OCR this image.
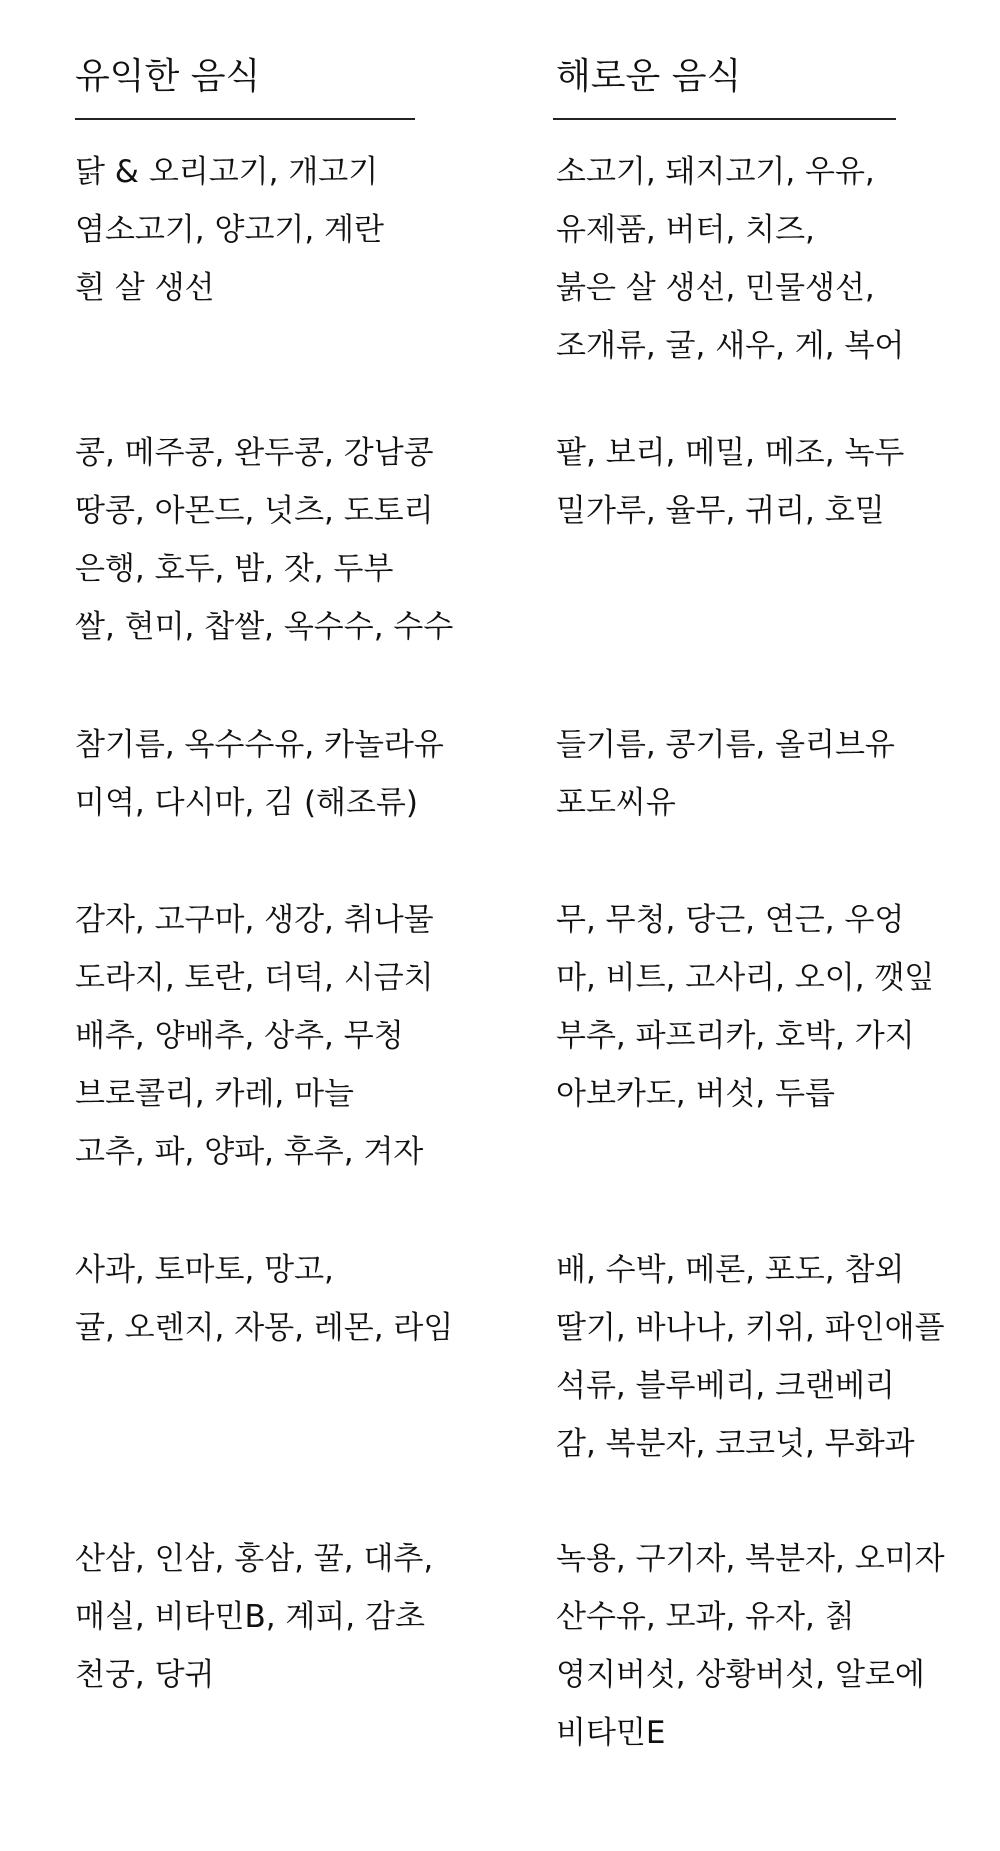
유익한 음식
닭 & 오리고기, 개고기
염소고기, 양고기, 계란
흰 살 생선
콩, 메주콩, 완두콩, 강남콩
땅콩, 아몬드, 넛츠, 도토리
은행, 호두, 밤, 잣, 두부
쌀, 현미, 찹쌀, 옥수수, 수수
참기름, 옥수수유, 카놀라유
미역, 다시마, 김 (해조류)
감자, 고구마, 생강, 취나물
도라지, 토란, 더덕, 시금치
배추, 양배추, 상추, 무청
브로콜리, 카레, 마늘
고추, 파, 양파, 후추, 겨자
사과, 토마토, 망고,
귤, 오렌지, 자몽, 레몬, 라임
산삼, 인삼, 홍삼, 꿀, 대추,
매실, 비타민B, 계피, 감초
천궁, 당귀
해로운 음식
소고기, 돼지고기, 우유,
유제품, 버터, 치즈,
붉은 살 생선, 민물생선,
조개류, 굴, 새우, 게, 복어
팥, 보리, 메밀, 메조, 녹두
밀가루, 율무, 귀리, 호밀
들기름, 콩기름, 올리브유
포도씨유
무, 무청, 당근, 연근, 우엉
마, 비트, 고사리, 오이, 깻잎
부추, 파프리카, 호박, 가지
아보카도, 버섯, 두릅
배, 수박, 메론, 포도, 참외
딸기, 바나나, 키위, 파인애플
석류, 블루베리, 크랜베리
감, 복분자, 코코넛, 무화과
녹용, 구기자, 복분자, 오미자
산수유, 모과, 유자, 칡
영지버섯, 상황버섯, 알로에
비타민E
